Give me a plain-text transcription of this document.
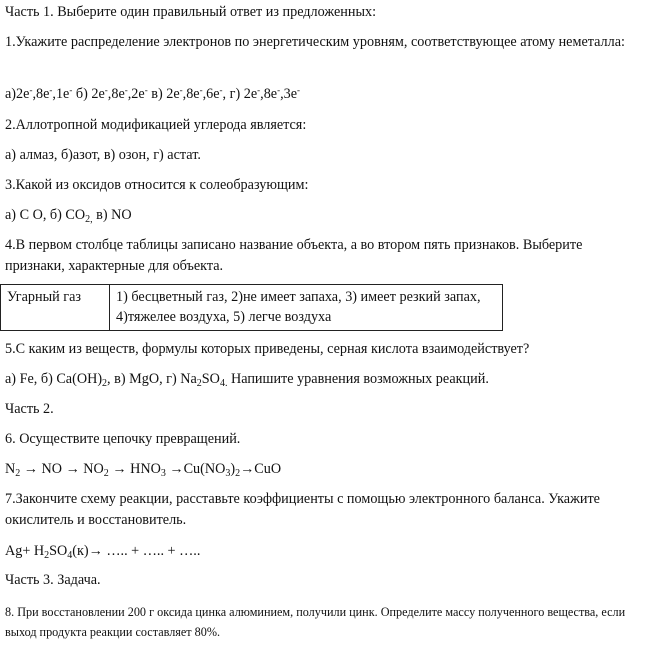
Часть 1. Выберите один правильный ответ из предложенных:
1.Укажите распределение электронов по энергетическим уровням, соответствующее атому неметалла:
а)2e-,8e-,1e- б) 2e-,8e-,2e- в) 2e-,8e-,6e-, г) 2e-,8e-,3e-
2.Аллотропной модификацией углерода является:
а) алмаз, б)азот, в) озон, г) астат.
3.Какой из оксидов относится к солеобразующим:
а) С О, б) $СО_{2,}$ в) NO
4.В первом столбце таблицы записано название объекта, а во втором пять признаков. Выберите признаки, характерные для объекта.
Угарный газ	1) бесцветный газ, 2)не имеет запаха, 3) имеет резкий запах, 4)тяжелее воздуха, 5) легче воздуха
5.С каким из веществ, формулы которых приведены, серная кислота взаимодействует?
а) Fe, б) $Са(ОН)_2$, в) MgO, г) $Na_2SO_{4.}$ Напишите уравнения возможных реакций.
Часть 2.
6. Осуществите цепочку превращений.
$N_2$ → NO → $NO_2 \to HNO_3 \to Cu(NO_3)_2\to CuO$
7.Закончите схему реакции, расставьте коэффициенты с помощью электронного баланса. Укажите окислитель и восстановитель.
$Ag+ H_2SO_4(к)\to$ ….. + ….. + …..
Часть 3. Задача.
8. При восстановлении 200 г оксида цинка алюминием, получили цинк. Определите массу полученного вещества, если выход продукта реакции составляет 80%.
